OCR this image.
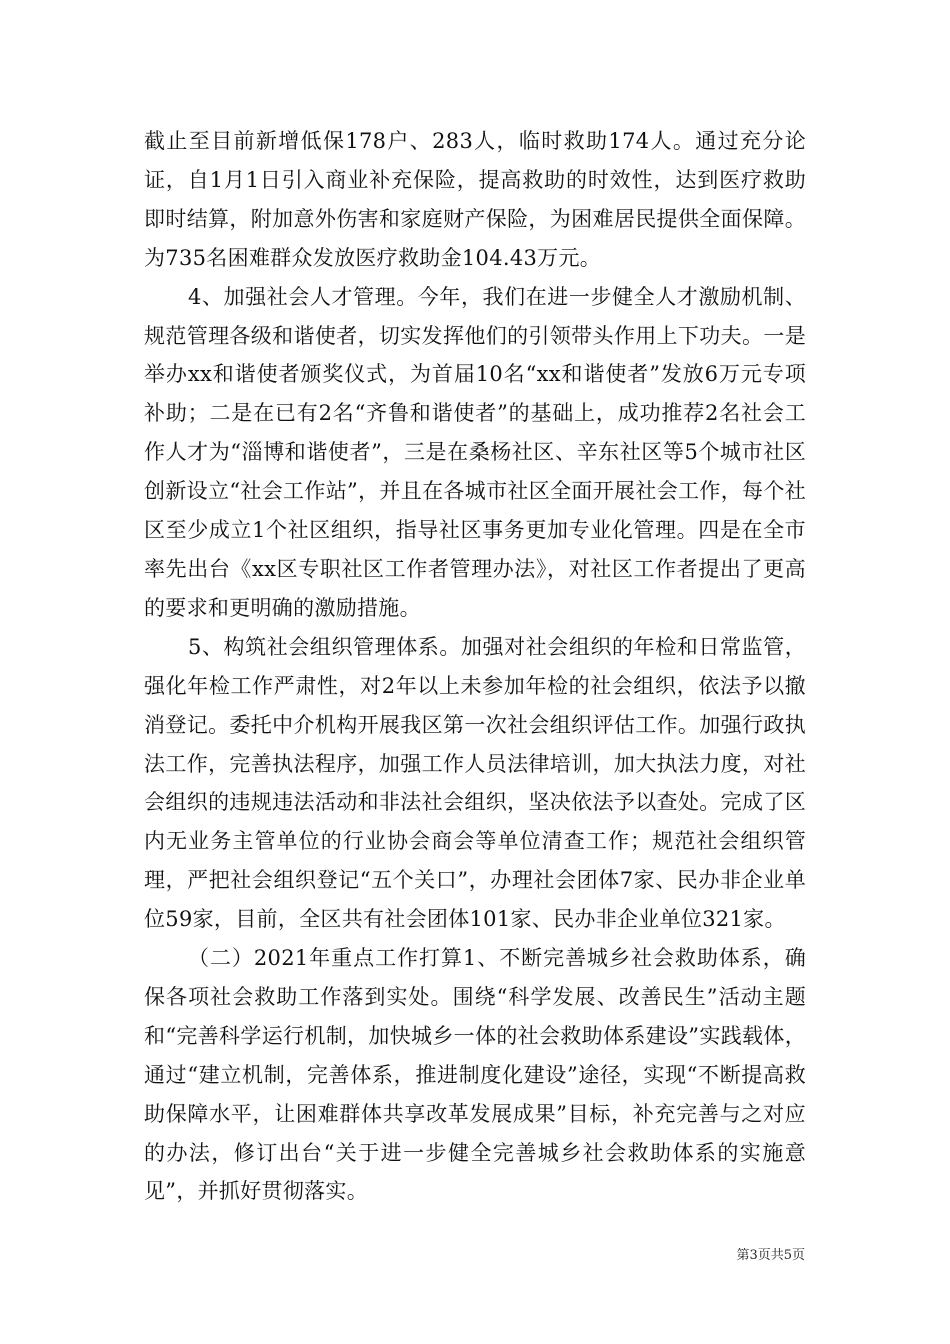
截止至目前新增低保178户、283人，临时救助174人。通过充分论证，自1月1日引入商业补充保险，提高救助的时效性，达到医疗救助即时结算，附加意外伤害和家庭财产保险，为困难居民提供全面保障。为735名困难群众发放医疗救助金104.43万元。

4、加强社会人才管理。今年，我们在进一步健全人才激励机制、规范管理各级和谐使者，切实发挥他们的引领带头作用上下功夫。一是举办xx和谐使者颁奖仪式，为首届10名“xx和谐使者”发放6万元专项补助；二是在已有2名“齐鲁和谐使者”的基础上，成功推荐2名社会工作人才为“淄博和谐使者”，三是在桑杨社区、辛东社区等5个城市社区创新设立“社会工作站”，并且在各城市社区全面开展社会工作，每个社区至少成立1个社区组织，指导社区事务更加专业化管理。四是在全市率先出台《xx区专职社区工作者管理办法》，对社区工作者提出了更高的要求和更明确的激励措施。

5、构筑社会组织管理体系。加强对社会组织的年检和日常监管，强化年检工作严肃性，对2年以上未参加年检的社会组织，依法予以撤消登记。委托中介机构开展我区第一次社会组织评估工作。加强行政执法工作，完善执法程序，加强工作人员法律培训，加大执法力度，对社会组织的违规违法活动和非法社会组织，坚决依法予以查处。完成了区内无业务主管单位的行业协会商会等单位清查工作；规范社会组织管理，严把社会组织登记“五个关口”，办理社会团体7家、民办非企业单位59家，目前，全区共有社会团体101家、民办非企业单位321家。

（二）2021年重点工作打算1、不断完善城乡社会救助体系，确保各项社会救助工作落到实处。围绕“科学发展、改善民生”活动主题和“完善科学运行机制，加快城乡一体的社会救助体系建设”实践载体，通过“建立机制，完善体系，推进制度化建设”途径，实现“不断提高救助保障水平，让困难群体共享改革发展成果”目标，补充完善与之对应的办法，修订出台“关于进一步健全完善城乡社会救助体系的实施意见”，并抓好贯彻落实。

第3页共5页
